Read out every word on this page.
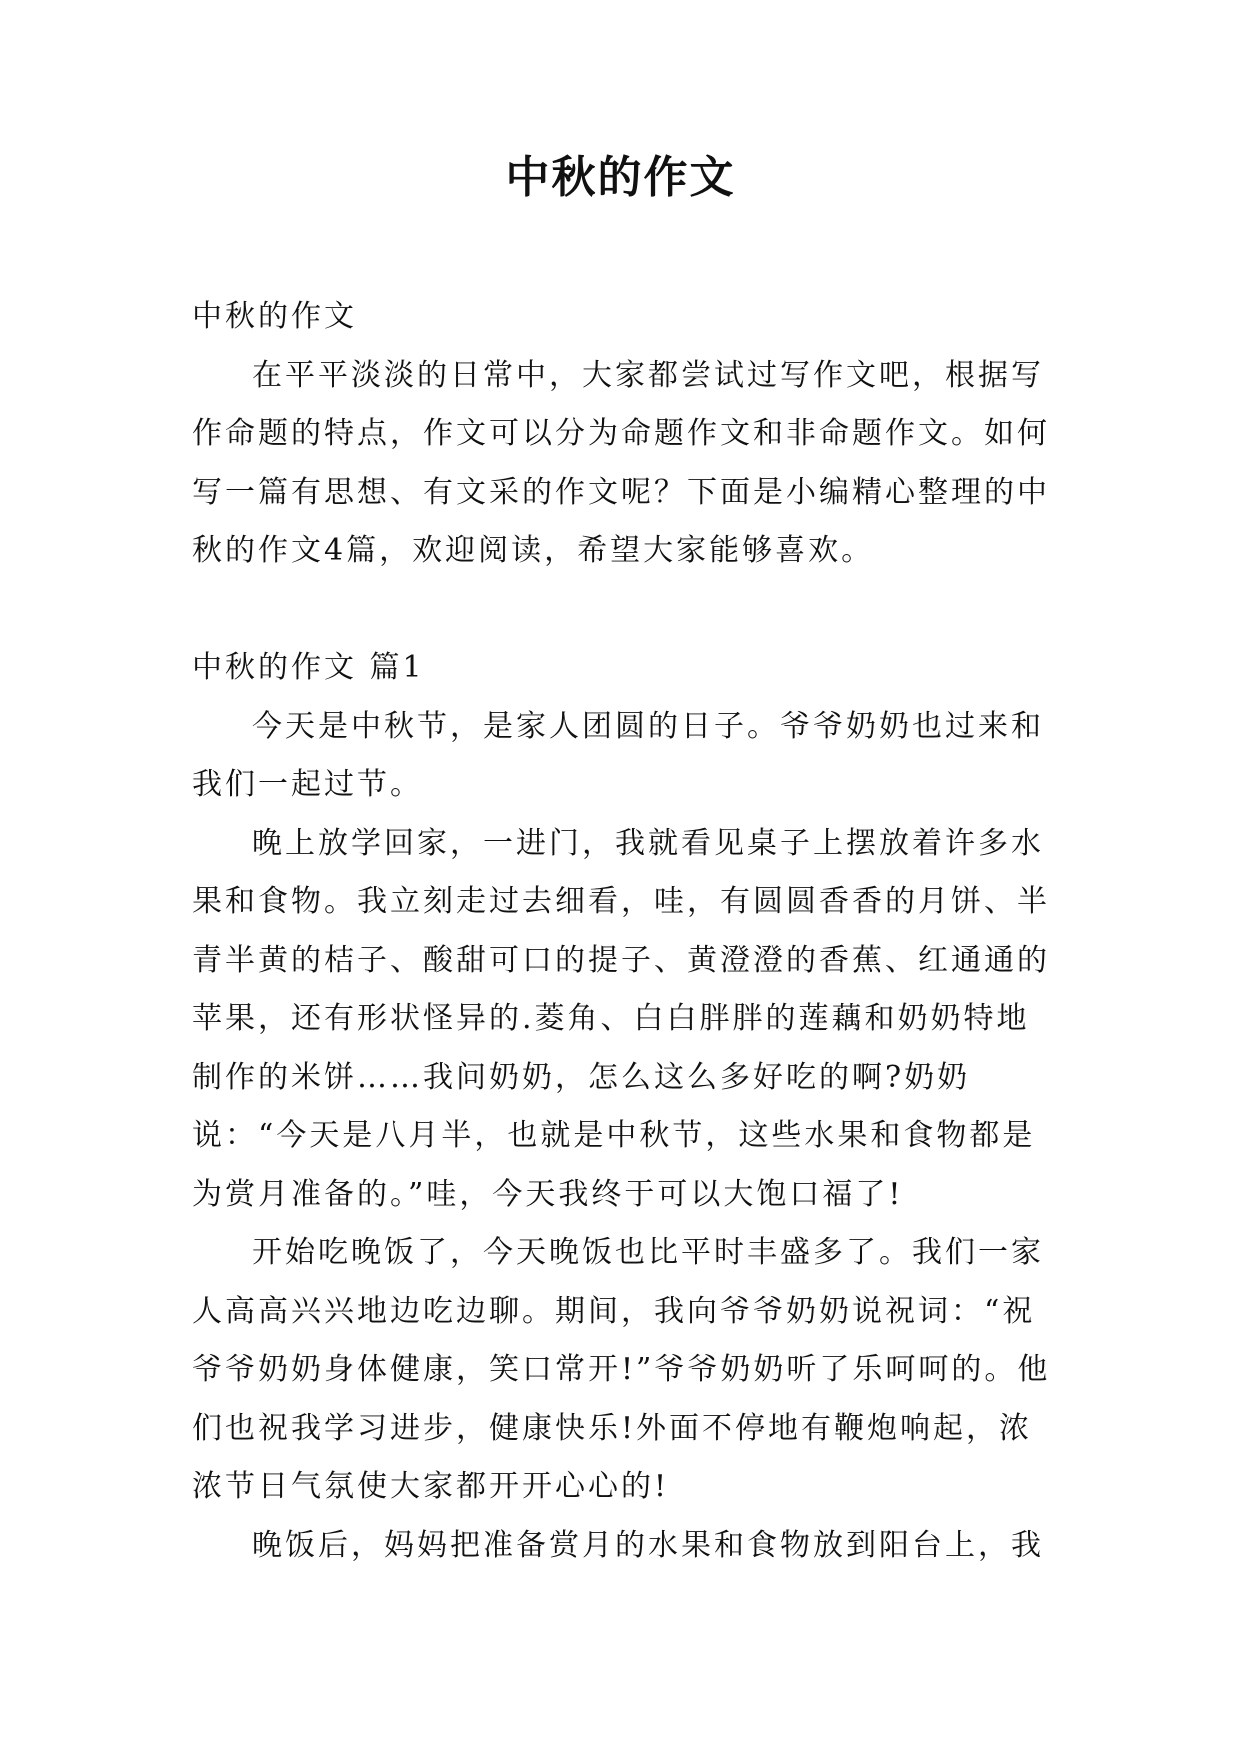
中秋的作文

中秋的作文

在平平淡淡的日常中，大家都尝试过写作文吧，根据写作命题的特点，作文可以分为命题作文和非命题作文。如何写一篇有思想、有文采的作文呢？下面是小编精心整理的中秋的作文4篇，欢迎阅读，希望大家能够喜欢。

中秋的作文 篇1

今天是中秋节，是家人团圆的日子。爷爷奶奶也过来和我们一起过节。

晚上放学回家，一进门，我就看见桌子上摆放着许多水果和食物。我立刻走过去细看，哇，有圆圆香香的月饼、半青半黄的桔子、酸甜可口的提子、黄澄澄的香蕉、红通通的苹果，还有形状怪异的.菱角、白白胖胖的莲藕和奶奶特地制作的米饼……我问奶奶，怎么这么多好吃的啊?奶奶说：“今天是八月半，也就是中秋节，这些水果和食物都是为赏月准备的。”哇，今天我终于可以大饱口福了!

开始吃晚饭了，今天晚饭也比平时丰盛多了。我们一家人高高兴兴地边吃边聊。期间，我向爷爷奶奶说祝词：“祝爷爷奶奶身体健康，笑口常开!”爷爷奶奶听了乐呵呵的。他们也祝我学习进步，健康快乐!外面不停地有鞭炮响起，浓浓节日气氛使大家都开开心心的!

晚饭后，妈妈把准备赏月的水果和食物放到阳台上，我
